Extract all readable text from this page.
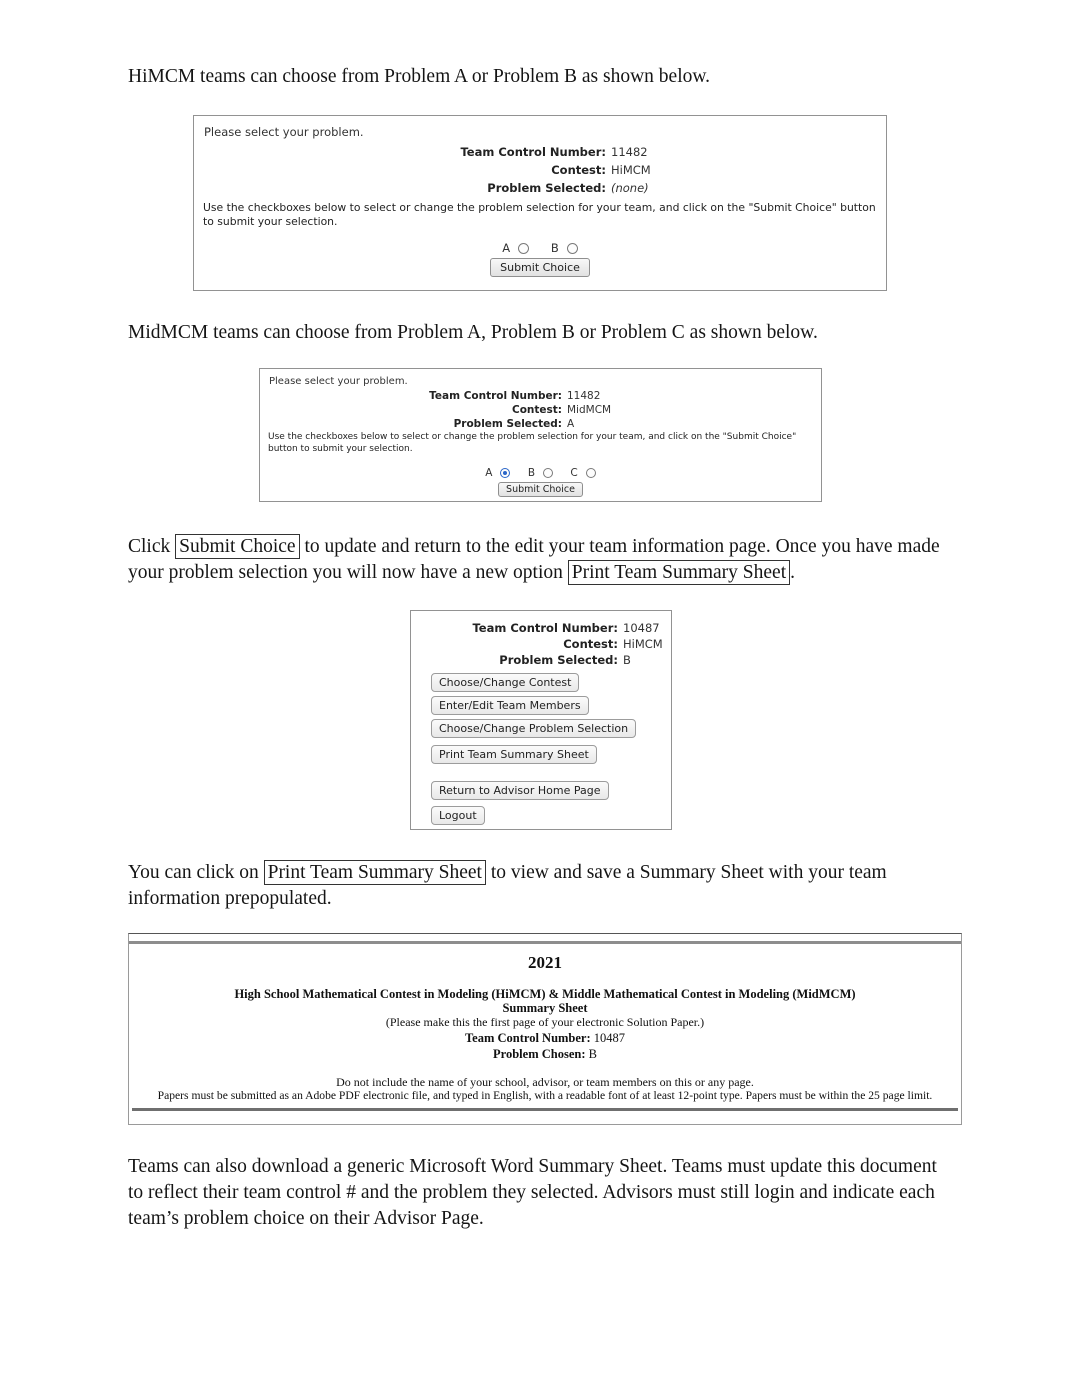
HiMCM teams can choose from Problem A or Problem B as shown below.
Please select your problem.
Team Control Number: 11482
Contest: HiMCM
Problem Selected: (none)
Use the checkboxes below to select or change the problem selection for your team, and click on the "Submit Choice" button to submit your selection.
A
	B
Submit Choice
MidMCM teams can choose from Problem A, Problem B or Problem C as shown below.
Please select your problem.
Team Control Number: 11482
Contest: MidMCM
Problem Selected: A
Use the checkboxes below to select or change the problem selection for your team, and click on the "Submit Choice" button to submit your selection.
A
	B
	C
Submit Choice
Click Submit Choice to update and return to the edit your team information page. Once you have made your problem selection you will now have a new option Print Team Summary Sheet .
Team Control Number: 10487
Contest: HiMCM
Problem Selected: B
Choose/Change Contest
Enter/Edit Team Members
Choose/Change Problem Selection
Print Team Summary Sheet
Return to Advisor Home Page
Logout
You can click on Print Team Summary Sheet to view and save a Summary Sheet with your team information prepopulated.
2021
High School Mathematical Contest in Modeling (HiMCM) & Middle Mathematical Contest in Modeling (MidMCM)
Summary Sheet
(Please make this the first page of your electronic Solution Paper.)
Team Control Number: 10487
Problem Chosen: B
Do not include the name of your school, advisor, or team members on this or any page.
Papers must be submitted as an Adobe PDF electronic file, and typed in English, with a readable font of at least 12-point type. Papers must be within the 25 page limit.
Teams can also download a generic Microsoft Word Summary Sheet. Teams must update this document to reflect their team control # and the problem they selected. Advisors must still login and indicate each team’s problem choice on their Advisor Page.
